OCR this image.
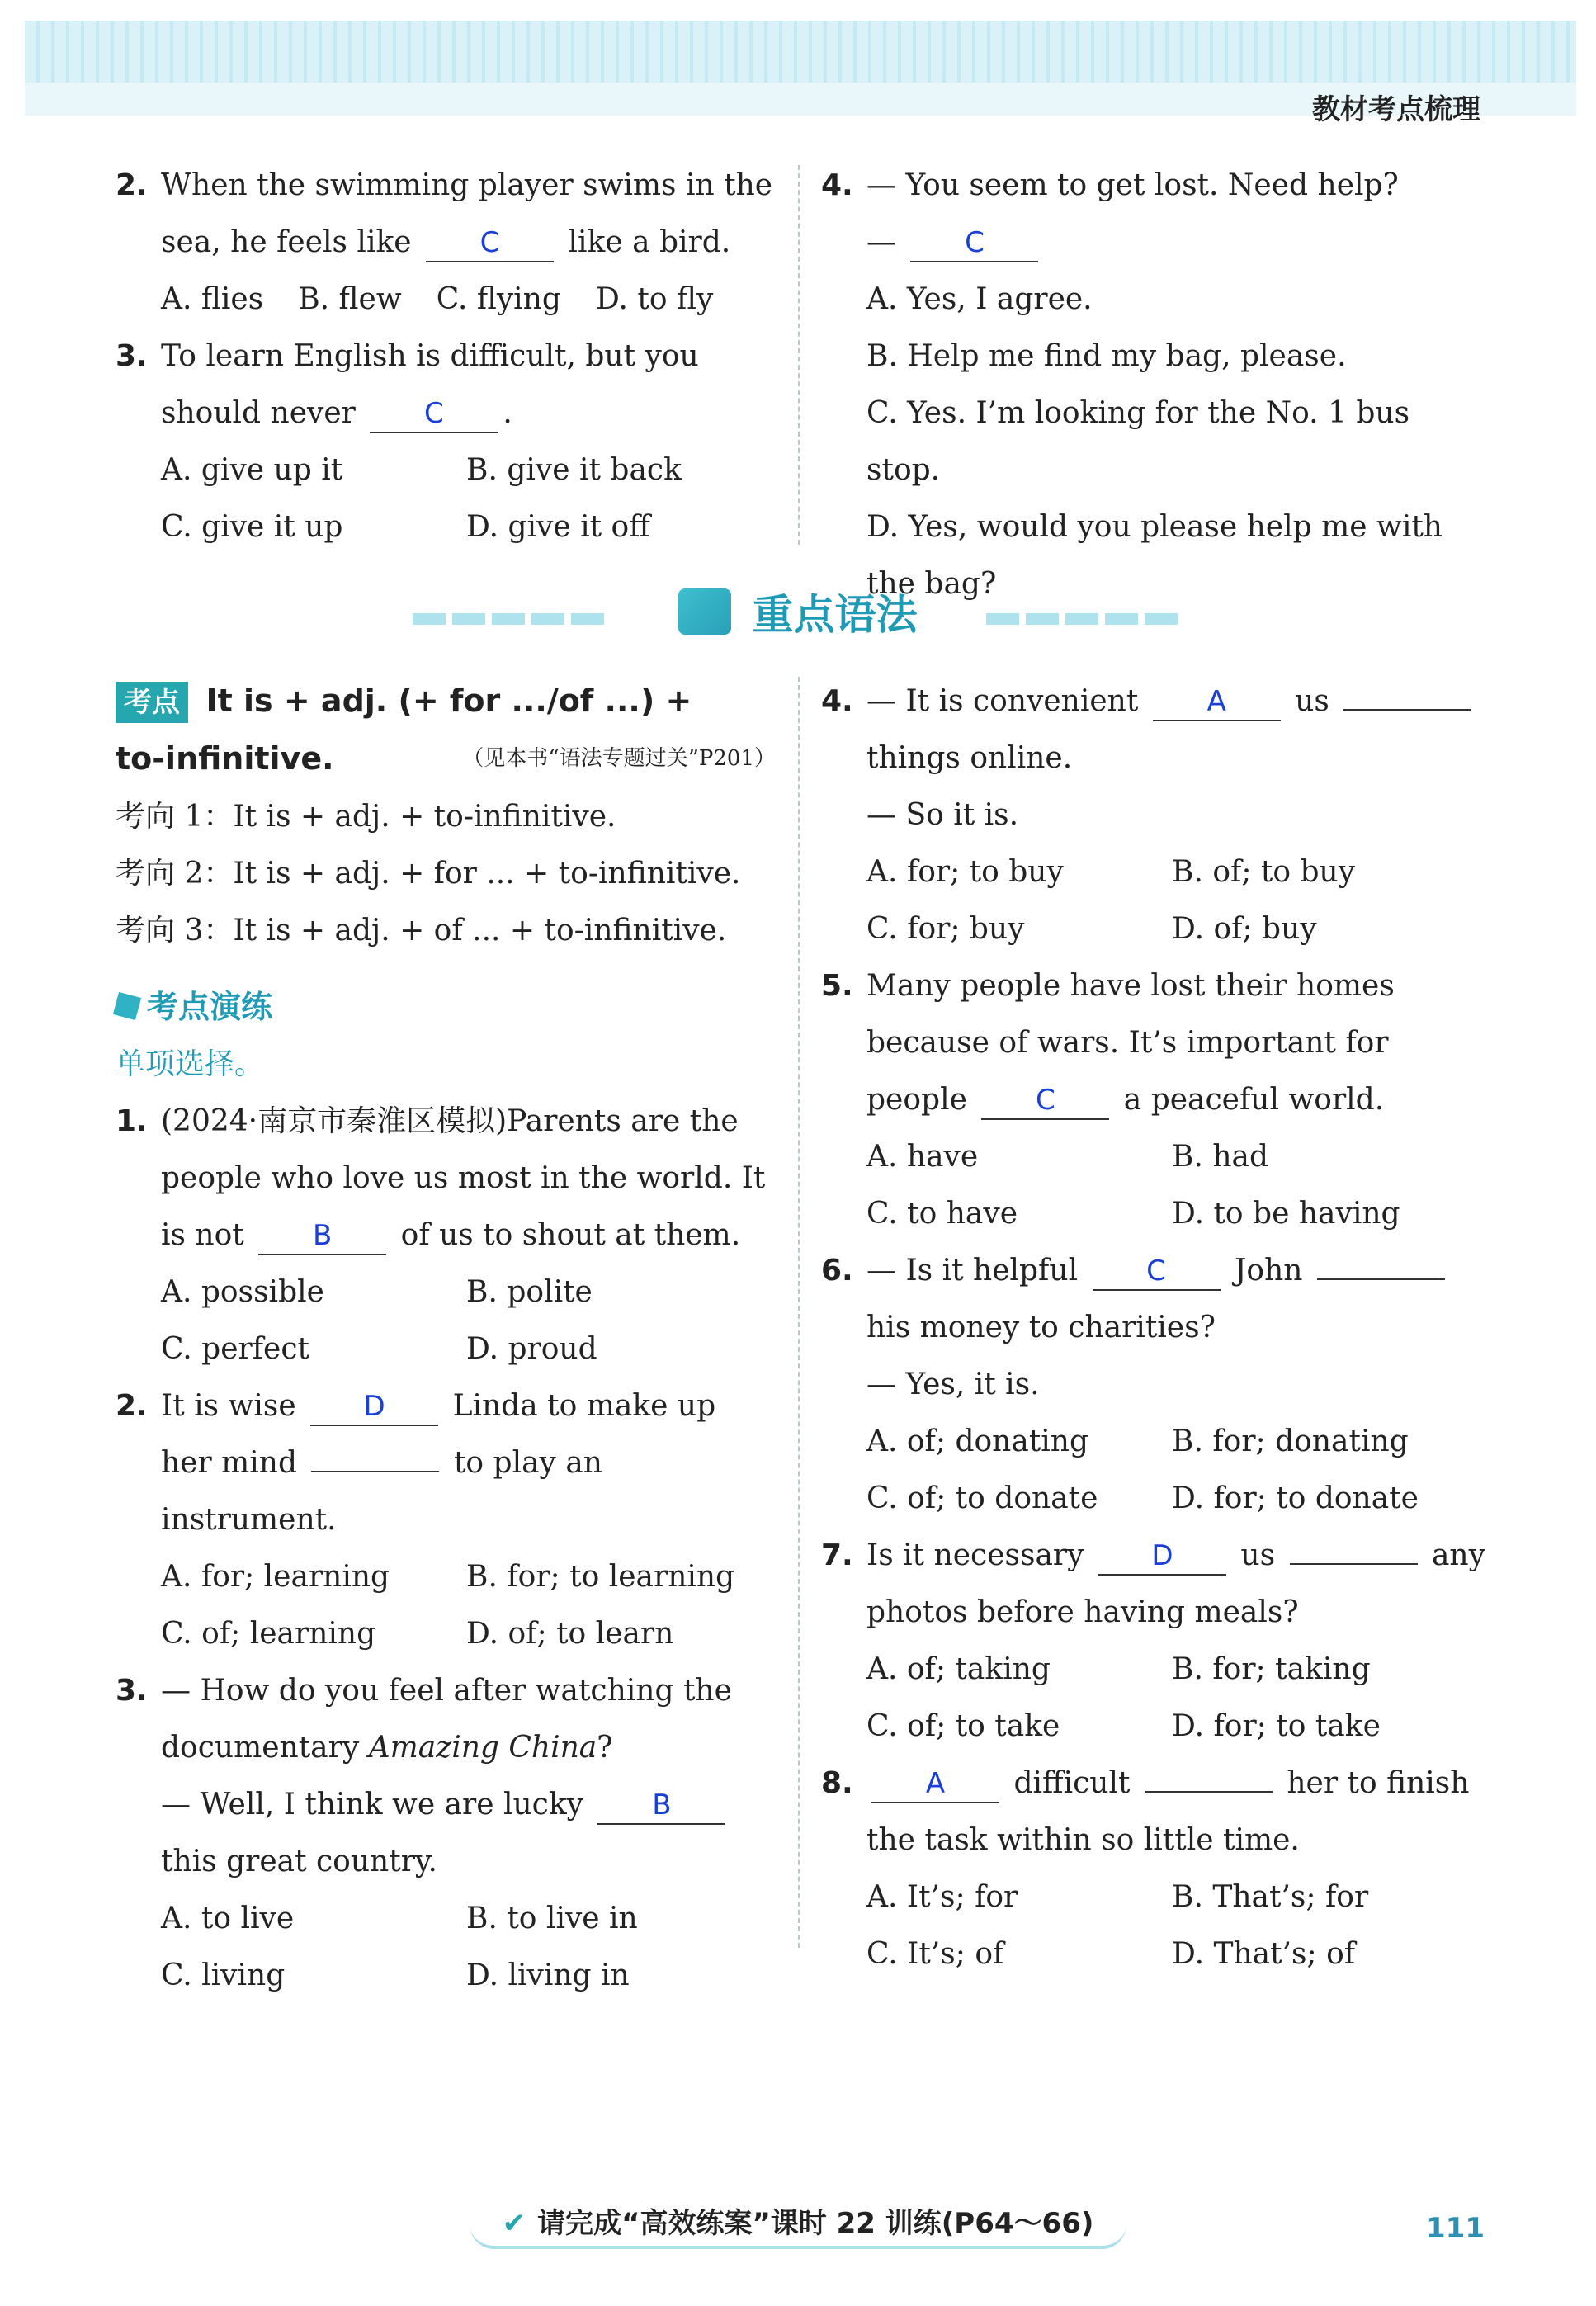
教材考点梳理
2. When the swimming player swims in the sea, he feels like C like a bird.
A. flies B. flew C. flying D. to fly
3. To learn English is difficult, but you should never C .
A. give up it	B. give it back
C. give it up	D. give it off
4. — You seem to get lost. Need help?
— C
A. Yes, I agree.
B. Help me find my bag, please.
C. Yes. I’m looking for the No. 1 bus stop.
D. Yes, would you please help me with the bag?
重点语法
考点 It is + adj. (+ for .../of ...) +
to-infinitive.	（见本书“语法专题过关”P201）
考向 1：It is + adj. + to-infinitive.
考向 2：It is + adj. + for ... + to-infinitive.
考向 3：It is + adj. + of ... + to-infinitive.
考点演练
单项选择。
1. (2024·南京市秦淮区模拟)Parents are the people who love us most in the world. It is not B of us to shout at them.
A. possible	B. polite
C. perfect	D. proud
2. It is wise D Linda to make up her mind	to play an instrument.
A. for; learning	B. for; to learning
C. of; learning	D. of; to learn
3. — How do you feel after watching the documentary Amazing China?
— Well, I think we are lucky B this great country.
A. to live	B. to live in
C. living	D. living in
4. — It is convenient A us  things online.
— So it is.
A. for; to buy	B. of; to buy
C. for; buy	D. of; buy
5. Many people have lost their homes because of wars. It’s important for people C a peaceful world.
A. have	B. had
C. to have	D. to be having
6. — Is it helpful C John  his money to charities?
— Yes, it is.
A. of; donating	B. for; donating
C. of; to donate	D. for; to donate
7. Is it necessary D us	any photos before having meals?
A. of; taking	B. for; taking
C. of; to take	D. for; to take
8.	A difficult	her to finish the task within so little time.
A. It’s; for	B. That’s; for
C. It’s; of	D. That’s; of
✔ 请完成“高效练案”课时 22 训练(P64～66)	111
